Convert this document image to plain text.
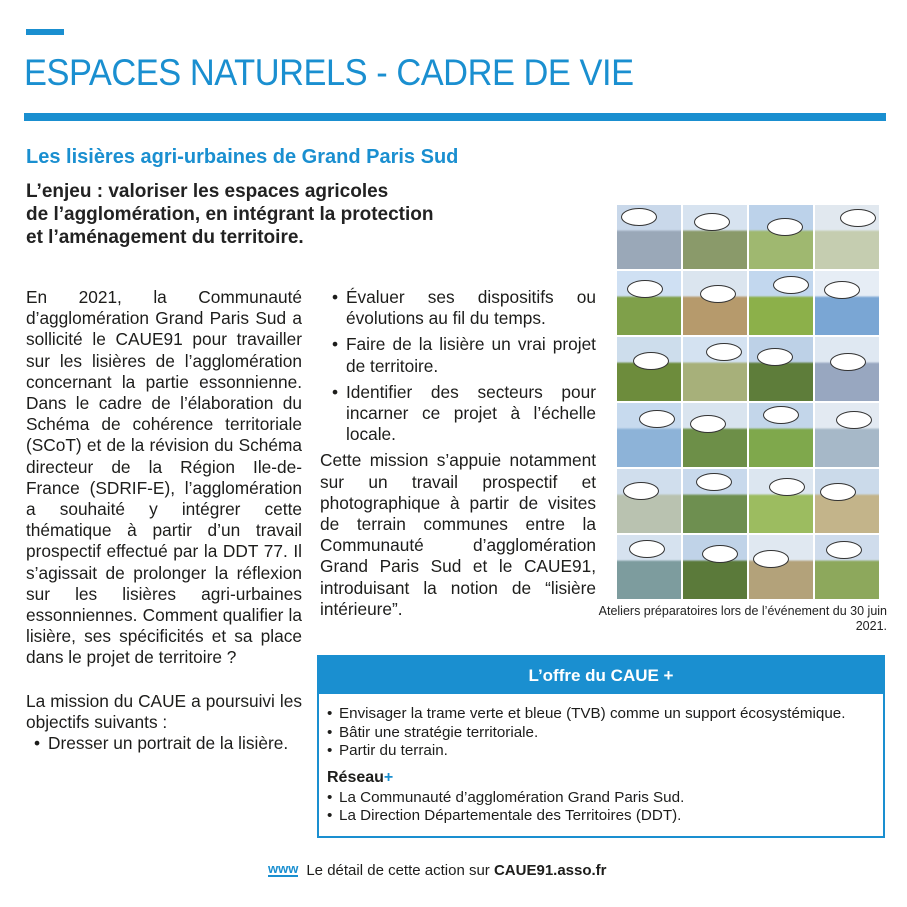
ESPACES NATURELS - CADRE DE VIE
Les lisières agri-urbaines de Grand Paris Sud
L’enjeu : valoriser les espaces agricoles
de l’agglomération, en intégrant la protection
et l’aménagement du territoire.

En 2021, la Communauté d’agglomération Grand Paris Sud a sollicité le CAUE91 pour travailler sur les lisières de l’agglomération concernant la partie essonnienne. Dans le cadre de l’élaboration du Schéma de cohérence territoriale (SCoT) et de la révision du Schéma directeur de la Région Ile-de-France (SDRIF-E), l’agglomération a souhaité y intégrer cette thématique à partir d’un travail prospectif effectué par la DDT 77. Il s’agissait de prolonger la réflexion sur les lisières agri-urbaines essonniennes. Comment qualifier la lisière, ses spécificités et sa place dans le projet de territoire ?

La mission du CAUE a poursuivi les objectifs suivants :

• Dresser un portrait de la lisière.
• Évaluer ses dispositifs ou évolutions au fil du temps.
• Faire de la lisière un vrai projet de territoire.
• Identifier des secteurs pour incarner ce projet à l’échelle locale.

Cette mission s’appuie notamment sur un travail prospectif et photographique à partir de visites de terrain communes entre la Communauté d’agglomération Grand Paris Sud et le CAUE91, introduisant la notion de “lisière intérieure”.	Ateliers préparatoires lors de l’événement du 30 juin 2021.
L’offre du CAUE +
• Envisager la trame verte et bleue (TVB) comme un support écosystémique.
• Bâtir une stratégie territoriale.
• Partir du terrain.
Réseau+
• La Communauté d’agglomération Grand Paris Sud.
• La Direction Départementale des Territoires (DDT).
www Le détail de cette action sur CAUE91.asso.fr
